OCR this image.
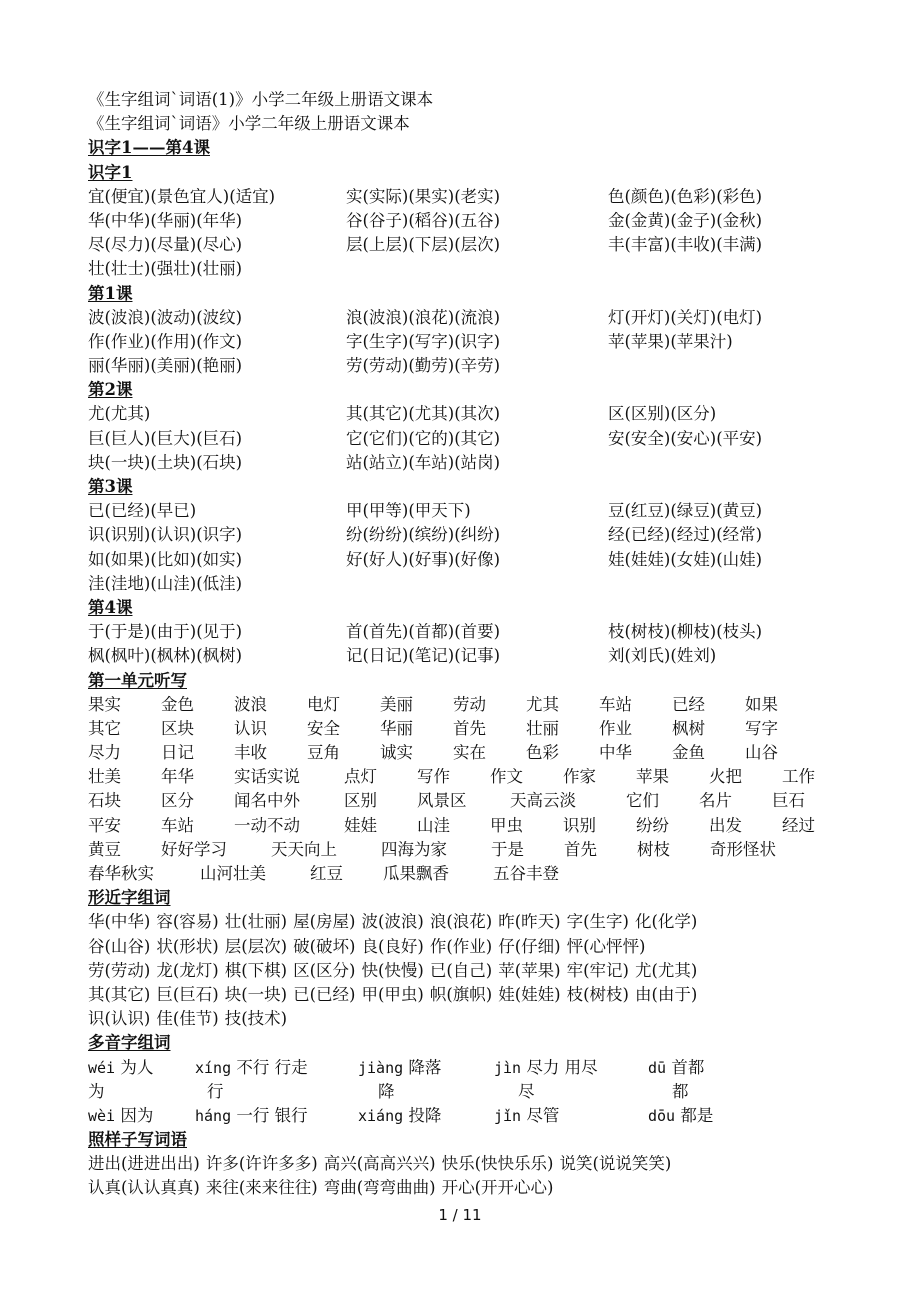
《生字组词`词语(1)》小学二年级上册语文课本
《生字组词`词语》小学二年级上册语文课本
识字1——第4课
识字1
宜(便宜)(景色宜人)(适宜)	实(实际)(果实)(老实)	色(颜色)(色彩)(彩色)
华(中华)(华丽)(年华)	谷(谷子)(稻谷)(五谷)	金(金黄)(金子)(金秋)
尽(尽力)(尽量)(尽心)	层(上层)(下层)(层次)	丰(丰富)(丰收)(丰满)
壮(壮士)(强壮)(壮丽)
第1课
波(波浪)(波动)(波纹)	浪(波浪)(浪花)(流浪)	灯(开灯)(关灯)(电灯)
作(作业)(作用)(作文)	字(生字)(写字)(识字)	苹(苹果)(苹果汁)
丽(华丽)(美丽)(艳丽)	劳(劳动)(勤劳)(辛劳)
第2课
尤(尤其)	其(其它)(尤其)(其次)	区(区别)(区分)
巨(巨人)(巨大)(巨石)	它(它们)(它的)(其它)	安(安全)(安心)(平安)
块(一块)(土块)(石块)	站(站立)(车站)(站岗)
第3课
已(已经)(早已)	甲(甲等)(甲天下)	豆(红豆)(绿豆)(黄豆)
识(识别)(认识)(识字)	纷(纷纷)(缤纷)(纠纷)	经(已经)(经过)(经常)
如(如果)(比如)(如实)	好(好人)(好事)(好像)	娃(娃娃)(女娃)(山娃)
洼(洼地)(山洼)(低洼)
第4课
于(于是)(由于)(见于)	首(首先)(首都)(首要)	枝(树枝)(柳枝)(枝头)
枫(枫叶)(枫林)(枫树)	记(日记)(笔记)(记事)	刘(刘氏)(姓刘)
第一单元听写
果实 金色 波浪 电灯 美丽 劳动 尤其 车站 已经 如果
其它 区块 认识 安全 华丽 首先 壮丽 作业 枫树 写字
尽力 日记 丰收 豆角 诚实 实在 色彩 中华 金鱼 山谷
壮美 年华 实话实说	点灯 写作 作文 作家 苹果 火把 工作
石块 区分 闻名中外	区别 风景区	天高云淡	它们 名片 巨石
平安 车站 一动不动	娃娃 山洼 甲虫 识别 纷纷 出发 经过
黄豆 好好学习	天天向上	四海为家	于是 首先 树枝 奇形怪状
春华秋实	山河壮美	红豆 瓜果飘香	五谷丰登
形近字组词
华(中华) 容(容易) 壮(壮丽) 屋(房屋) 波(波浪) 浪(浪花) 昨(昨天) 字(生字) 化(化学)
谷(山谷) 状(形状) 层(层次) 破(破坏) 良(良好) 作(作业) 仔(仔细) 怦(心怦怦)
劳(劳动) 龙(龙灯) 棋(下棋) 区(区分) 快(快慢) 已(自己) 苹(苹果) 牢(牢记) 尤(尤其)
其(其它) 巨(巨石) 块(一块) 已(已经) 甲(甲虫) 帜(旗帜) 娃(娃娃) 枝(树枝) 由(由于)
识(认识) 佳(佳节) 技(技术)
多音字组词
wéi 为人	xíng 不行 行走	jiàng 降落	jìn 尽力 用尽	dū 首都
为	行	降	尽	都
wèi 因为	háng 一行 银行	xiáng 投降	jǐn 尽管	dōu 都是
照样子写词语
进出(进进出出) 许多(许许多多) 高兴(高高兴兴) 快乐(快快乐乐) 说笑(说说笑笑)
认真(认认真真) 来往(来来往往) 弯曲(弯弯曲曲) 开心(开开心心)
1 / 11
